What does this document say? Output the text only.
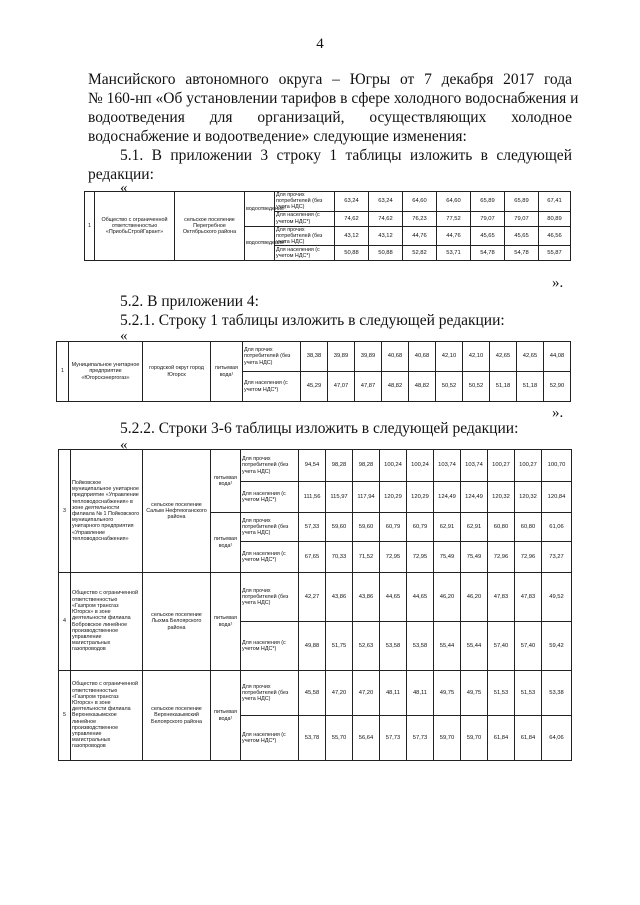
4
Мансийского автономного округа – Югры от 7 декабря 2017 года
№ 160-нп «Об установлении тарифов в сфере холодного водоснабжения и
водоотведения для организаций, осуществляющих холодное
водоснабжение и водоотведение» следующие изменения:
5.1. В приложении 3 строку 1 таблицы изложить в следующей
редакции:
«
1	Общество с ограниченной ответственностью «ПриобьСтройГарант»	сельское поселение Перегребное Октябрьского района	водоотведение¹	Для прочих потребителей (без учета НДС)	63,24	63,24	64,60	64,60	65,89	65,89	67,41
				Для населения (с учетом НДС*)	74,62	74,62	76,23	77,52	79,07	79,07	80,89
			водоотведение¹	Для прочих потребителей (без учета НДС)	43,12	43,12	44,76	44,76	45,65	45,65	46,56
				Для населения (с учетом НДС*)	50,88	50,88	52,82	53,71	54,78	54,78	55,87
».
5.2. В приложении 4:
5.2.1. Строку 1 таблицы изложить в следующей редакции:
«
1	Муниципальное унитарное предприятие «Югорскэнергогаз»	городской округ город Югорск	питьевая вода¹	Для прочих потребителей (без учета НДС)	38,38	39,89	39,89	40,68	40,68	42,10	42,10	42,65	42,65	44,08
				Для населения (с учетом НДС*)	45,29	47,07	47,87	48,82	48,82	50,52	50,52	51,18	51,18	52,90
».
5.2.2. Строки 3-6 таблицы изложить в следующей редакции:
«
3	Пойковское муниципальное унитарное предприятие «Управление тепловодоснабжения» в зоне деятельности филиала № 1 Пойковского муниципального унитарного предприятия «Управление тепловодоснабжения»	сельское поселение Салым Нефтеюганского района	питьевая вода¹	Для прочих потребителей (без учета НДС)	94,54	98,28	98,28	100,24	100,24	103,74	103,74	100,27	100,27	100,70
				Для населения (с учетом НДС*)	111,56	115,97	117,94	120,29	120,29	124,49	124,49	120,32	120,32	120,84
			питьевая вода¹	Для прочих потребителей (без учета НДС)	57,33	59,60	59,60	60,79	60,79	62,91	62,91	60,80	60,80	61,06
				Для населения (с учетом НДС*)	67,65	70,33	71,52	72,95	72,95	75,49	75,49	72,96	72,96	73,27
4	Общество с ограниченной ответственностью «Газпром трансгаз Югорск» в зоне деятельности филиала Бобровское линейное производственное управление магистральных газопроводов	сельское поселение Лыхма Белоярского района	питьевая вода¹	Для прочих потребителей (без учета НДС)	42,27	43,86	43,86	44,65	44,65	46,20	46,20	47,83	47,83	49,52
				Для населения (с учетом НДС*)	49,88	51,75	52,63	53,58	53,58	55,44	55,44	57,40	57,40	59,42
5	Общество с ограниченной ответственностью «Газпром трансгаз Югорск» в зоне деятельности филиала Верхнеказымское линейное производственное управление магистральных газопроводов	сельское поселение Верхнеказымский Белоярского района	питьевая вода¹	Для прочих потребителей (без учета НДС)	45,58	47,20	47,20	48,11	48,11	49,75	49,75	51,53	51,53	53,38
				Для населения (с учетом НДС*)	53,78	55,70	56,64	57,73	57,73	59,70	59,70	61,84	61,84	64,06
